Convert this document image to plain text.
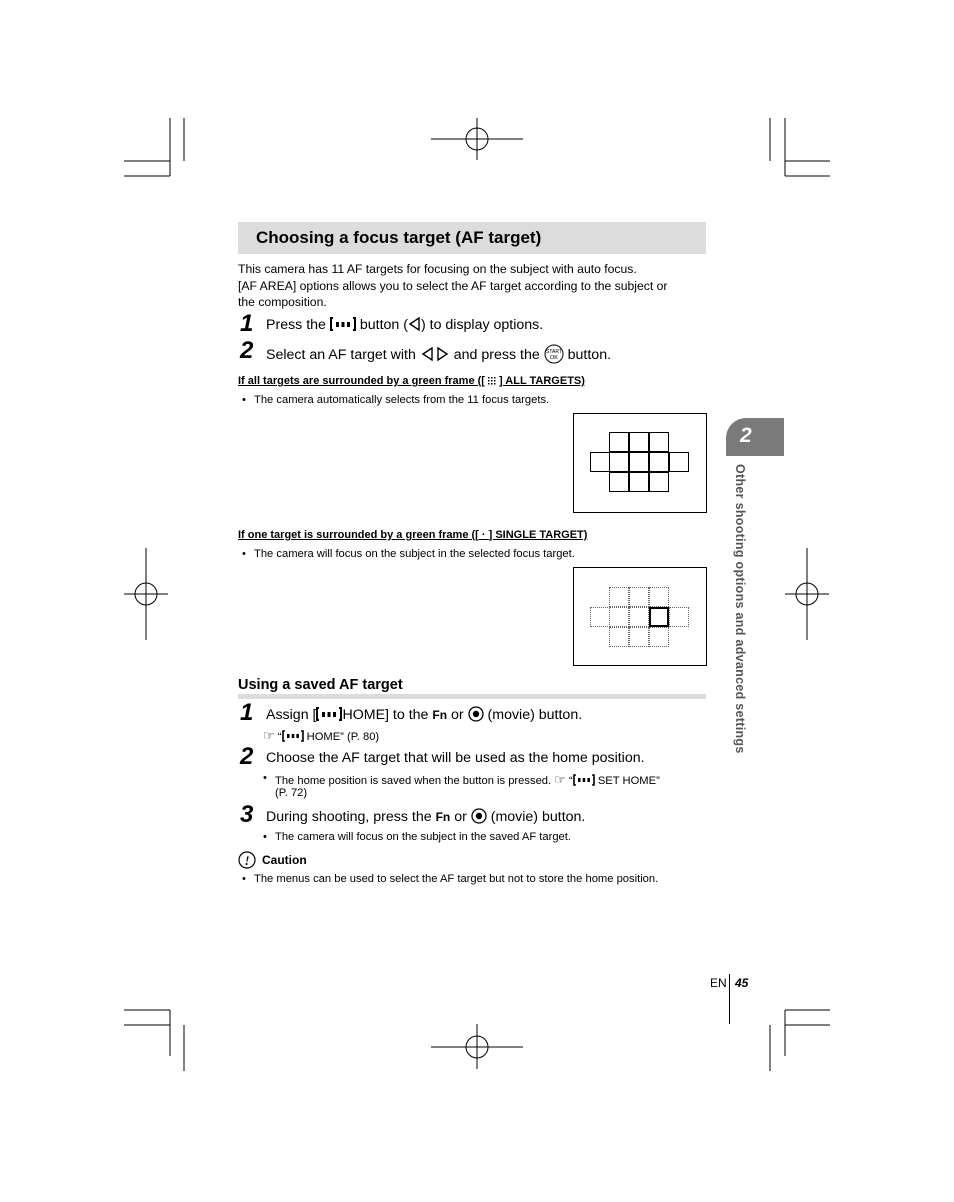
Choosing a focus target (AF target)
This camera has 11 AF targets for focusing on the subject with auto focus.
[AF AREA] options allows you to select the AF target according to the subject or
the composition.
1 Press the button ( ) to display options.
2 Select an AF target with	and press the START
OK button.
If all targets are surrounded by a green frame ([ ] ALL TARGETS)
• The camera automatically selects from the 11 focus targets.
If one target is surrounded by a green frame ([ · ] SINGLE TARGET)
• The camera will focus on the subject in the selected focus target.
Using a saved AF target
1 Assign [ HOME] to the Fn or (movie) button.
☞ “ HOME” (P. 80)
2 Choose the AF target that will be used as the home position.
• The home position is saved when the button is pressed. ☞ “ SET HOME”
(P. 72)
3 During shooting, press the Fn or (movie) button.
• The camera will focus on the subject in the saved AF target.
! Caution
• The menus can be used to select the AF target but not to store the home position.
2
Other shooting options and advanced settings
EN 45
